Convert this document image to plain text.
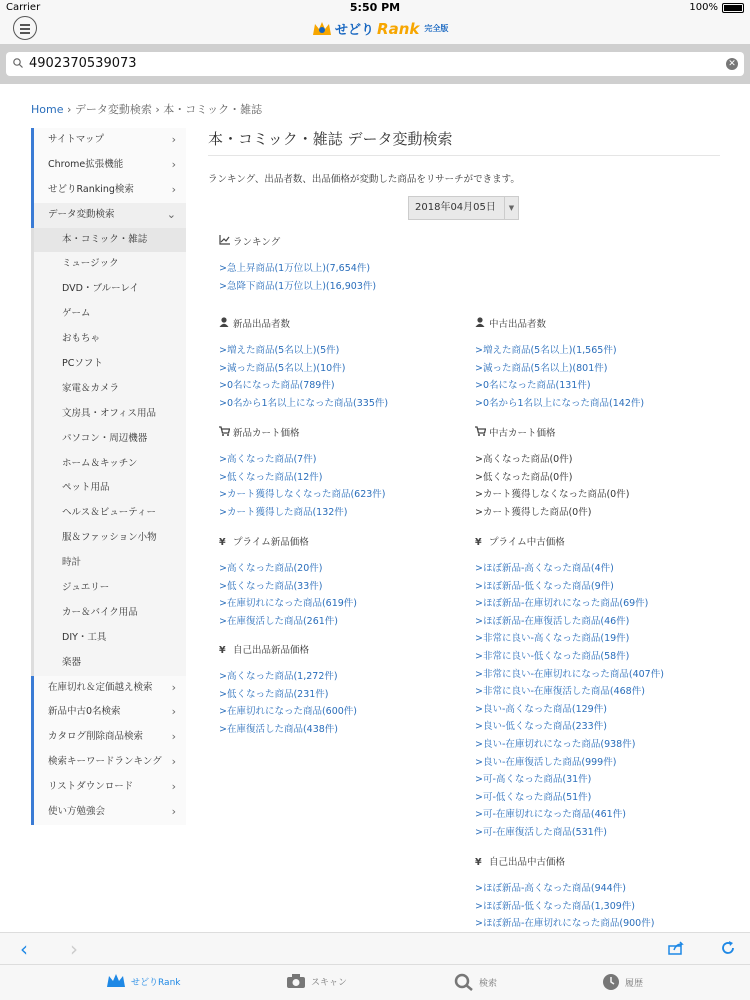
Carrier	5:50 PM	100%
せどり Rank 完全版
4902370539073	✕
Home › データ変動検索 › 本・コミック・雑誌
サイトマップ	›
Chrome拡張機能	›
せどりRanking検索	›
データ変動検索	⌄
本・コミック・雑誌
ミュージック
DVD・ブルーレイ
ゲーム
おもちゃ
PCソフト
家電＆カメラ
文房具・オフィス用品
パソコン・周辺機器
ホーム＆キッチン
ペット用品
ヘルス＆ビューティー
服＆ファッション小物
時計
ジュエリー
カー＆バイク用品
DIY・工具
楽器
在庫切れ＆定価越え検索 ›
新品中古0名検索	›
カタログ削除商品検索	›
検索キーワードランキング ›
リストダウンロード	›
使い方勉強会	›
本・コミック・雑誌 データ変動検索
ランキング、出品者数、出品価格が変動した商品をリサーチができます。
2018年04月05日	▼
ランキング
>急上昇商品(1万位以上)(7,654件)
>急降下商品(1万位以上)(16,903件)
新品出品者数
>増えた商品(5名以上)(5件)
>減った商品(5名以上)(10件)
>0名になった商品(789件)
>0名から1名以上になった商品(335件)
中古出品者数
>増えた商品(5名以上)(1,565件)
>減った商品(5名以上)(801件)
>0名になった商品(131件)
>0名から1名以上になった商品(142件)
新品カート価格
>高くなった商品(7件)
>低くなった商品(12件)
>カート獲得しなくなった商品(623件)
>カート獲得した商品(132件)
中古カート価格
>高くなった商品(0件)
>低くなった商品(0件)
>カート獲得しなくなった商品(0件)
>カート獲得した商品(0件)
¥ プライム新品価格
>高くなった商品(20件)
>低くなった商品(33件)
>在庫切れになった商品(619件)
>在庫復活した商品(261件)
¥ プライム中古価格
>ほぼ新品-高くなった商品(4件)
>ほぼ新品-低くなった商品(9件)
>ほぼ新品-在庫切れになった商品(69件)
>ほぼ新品-在庫復活した商品(46件)
>非常に良い-高くなった商品(19件)
>非常に良い-低くなった商品(58件)
>非常に良い-在庫切れになった商品(407件)
>非常に良い-在庫復活した商品(468件)
>良い-高くなった商品(129件)
>良い-低くなった商品(233件)
>良い-在庫切れになった商品(938件)
>良い-在庫復活した商品(999件)
>可-高くなった商品(31件)
>可-低くなった商品(51件)
>可-在庫切れになった商品(461件)
>可-在庫復活した商品(531件)
¥ 自己出品新品価格
>高くなった商品(1,272件)
>低くなった商品(231件)
>在庫切れになった商品(600件)
>在庫復活した商品(438件)
¥ 自己出品中古価格
>ほぼ新品-高くなった商品(944件)
>ほぼ新品-低くなった商品(1,309件)
>ほぼ新品-在庫切れになった商品(900件)
‹ ›
せどりRank	スキャン	検索	履歴
